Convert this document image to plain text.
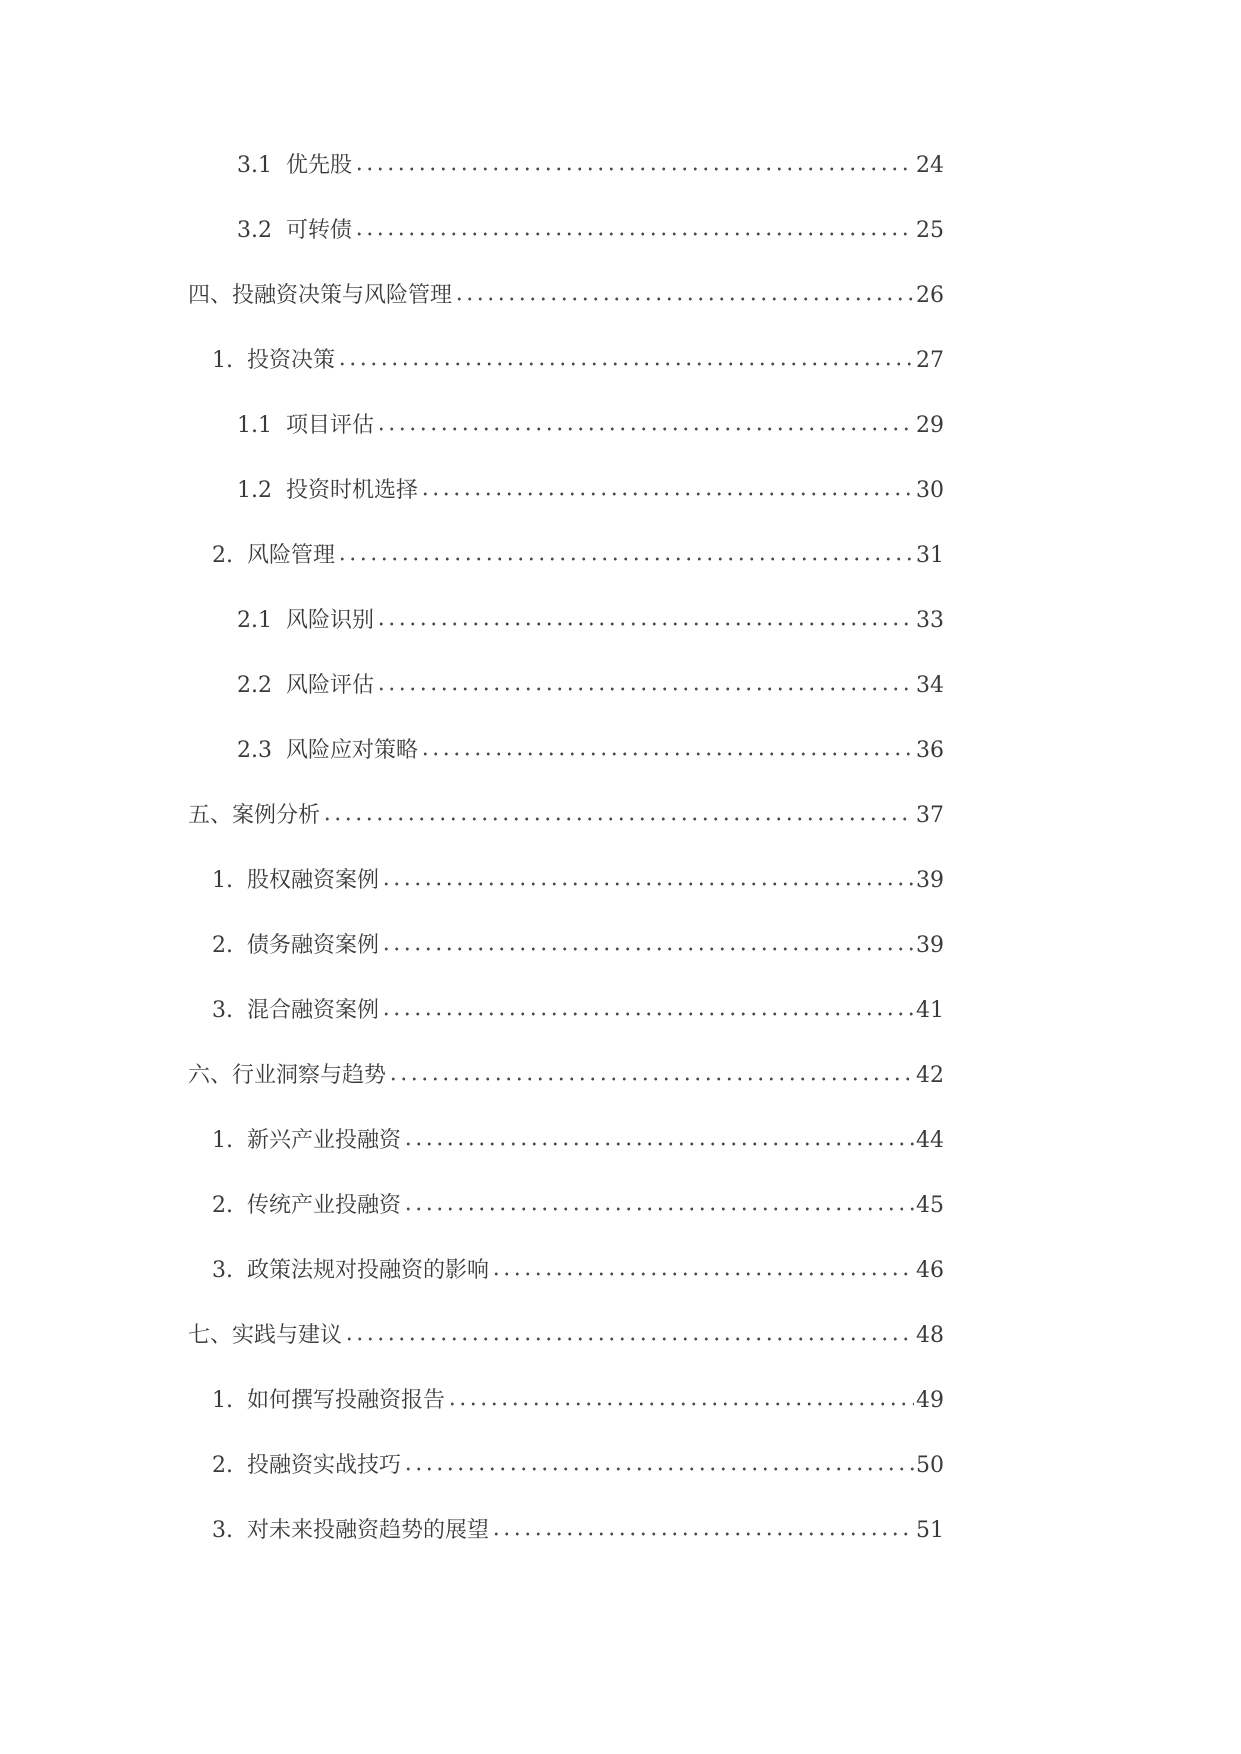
3.1 优先股	24
3.2 可转债	25
四、 投融资决策与风险管理	26
1. 投资决策	27
1.1 项目评估	29
1.2 投资时机选择	30
2. 风险管理	31
2.1 风险识别	33
2.2 风险评估	34
2.3 风险应对策略	36
五、 案例分析	37
1. 股权融资案例	39
2. 债务融资案例	39
3. 混合融资案例	41
六、 行业洞察与趋势	42
1. 新兴产业投融资	44
2. 传统产业投融资	45
3. 政策法规对投融资的影响	46
七、 实践与建议	48
1. 如何撰写投融资报告	49
2. 投融资实战技巧	50
3. 对未来投融资趋势的展望	51
